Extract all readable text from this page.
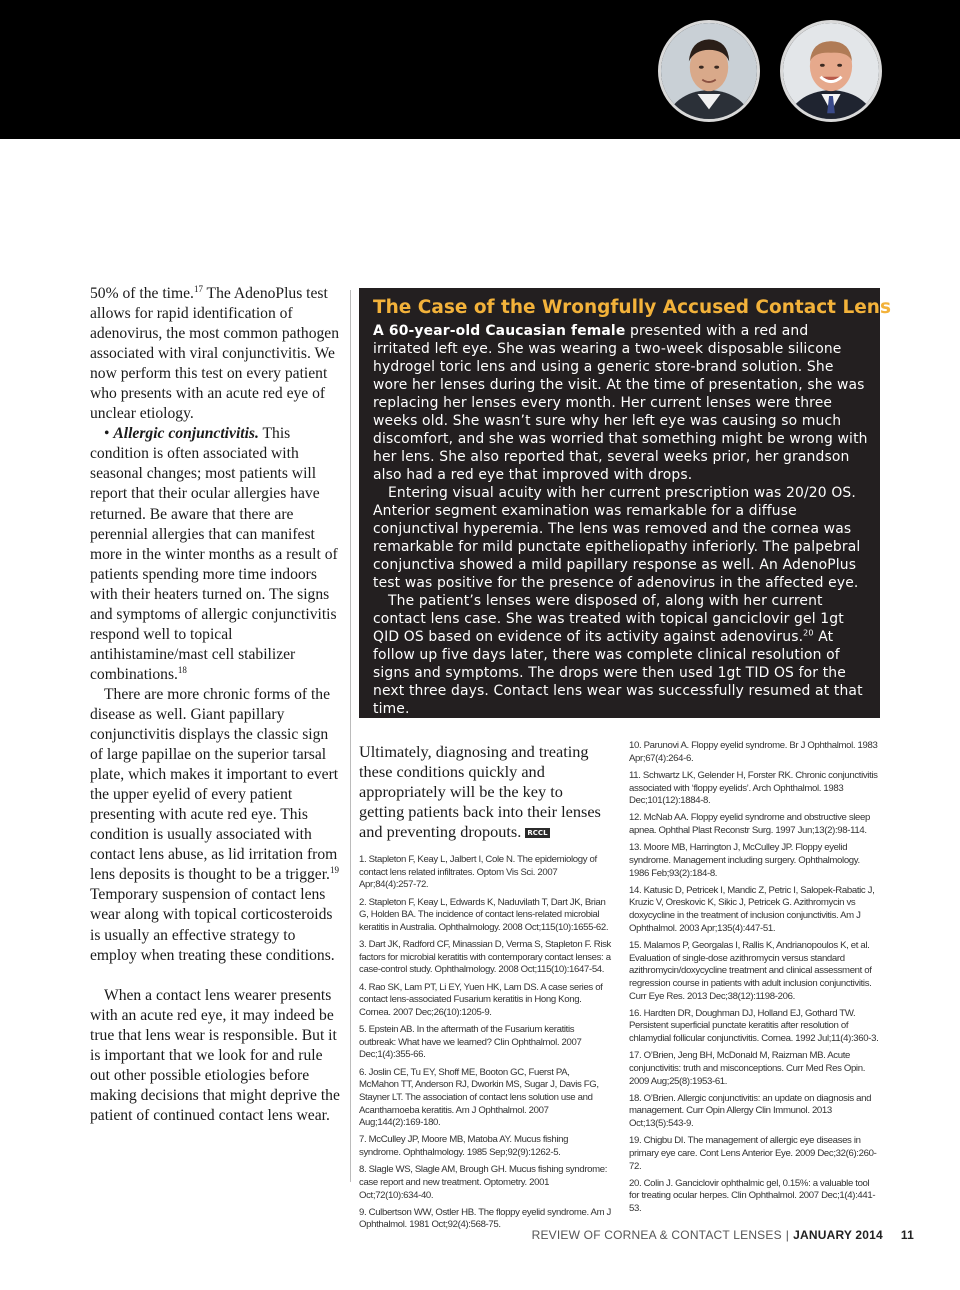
50% of the time.$^{17}$ The AdenoPlus test allows for rapid identification of adenovirus, the most common pathogen associated with viral conjunctivitis. We now perform this test on every patient who presents with an acute red eye of unclear etiology.

• Allergic conjunctivitis. This condition is often associated with seasonal changes; most patients will report that their ocular allergies have returned. Be aware that there are perennial allergies that can manifest more in the winter months as a result of patients spending more time indoors with their heaters turned on. The signs and symptoms of allergic conjunctivitis respond well to topical antihistamine/mast cell stabilizer combinations.$^{18}$

There are more chronic forms of the disease as well. Giant papillary conjunctivitis displays the classic sign of large papillae on the superior tarsal plate, which makes it important to evert the upper eyelid of every patient presenting with acute red eye. This condition is usually associated with contact lens abuse, as lid irritation from lens deposits is thought to be a trigger.$^{19}$ Temporary suspension of contact lens wear along with topical corticosteroids is usually an effective strategy to employ when treating these conditions.

When a contact lens wearer presents with an acute red eye, it may indeed be true that lens wear is responsible. But it is important that we look for and rule out other possible etiologies before making decisions that might deprive the patient of continued contact lens wear.

The Case of the Wrongfully Accused Contact Lens

A 60-year-old Caucasian female presented with a red and irritated left eye. She was wearing a two-week disposable silicone hydrogel toric lens and using a generic store-brand solution. She wore her lenses during the visit. At the time of presentation, she was replacing her lenses every month. Her current lenses were three weeks old. She wasn’t sure why her left eye was causing so much discomfort, and she was worried that something might be wrong with her lens. She also reported that, several weeks prior, her grandson also had a red eye that improved with drops.

Entering visual acuity with her current prescription was 20/20 OS. Anterior segment examination was remarkable for a diffuse conjunctival hyperemia. The lens was removed and the cornea was remarkable for mild punctate epitheliopathy inferiorly. The palpebral conjunctiva showed a mild papillary response as well. An AdenoPlus test was positive for the presence of adenovirus in the affected eye.

The patient’s lenses were disposed of, along with her current contact lens case. She was treated with topical ganciclovir gel 1gt QID OS based on evidence of its activity against adenovirus.$^{20}$ At follow up five days later, there was complete clinical resolution of signs and symptoms. The drops were then used 1gt TID OS for the next three days. Contact lens wear was successfully resumed at that time.

Ultimately, diagnosing and treating these conditions quickly and appropriately will be the key to getting patients back into their lenses and preventing dropouts. RCCL

1. Stapleton F, Keay L, Jalbert I, Cole N. The epidemiology of contact lens related infiltrates. Optom Vis Sci. 2007 Apr;84(4):257-72.
2. Stapleton F, Keay L, Edwards K, Naduvilath T, Dart JK, Brian G, Holden BA. The incidence of contact lens-related microbial keratitis in Australia. Ophthalmology. 2008 Oct;115(10):1655-62.
3. Dart JK, Radford CF, Minassian D, Verma S, Stapleton F. Risk factors for microbial keratitis with contemporary contact lenses: a case-control study. Ophthalmology. 2008 Oct;115(10):1647-54.
4. Rao SK, Lam PT, Li EY, Yuen HK, Lam DS. A case series of contact lens-associated Fusarium keratitis in Hong Kong. Cornea. 2007 Dec;26(10):1205-9.
5. Epstein AB. In the aftermath of the Fusarium keratitis outbreak: What have we learned? Clin Ophthalmol. 2007 Dec;1(4):355-66.
6. Joslin CE, Tu EY, Shoff ME, Booton GC, Fuerst PA, McMahon TT, Anderson RJ, Dworkin MS, Sugar J, Davis FG, Stayner LT. The association of contact lens solution use and Acanthamoeba keratitis. Am J Ophthalmol. 2007 Aug;144(2):169-180.
7. McCulley JP, Moore MB, Matoba AY. Mucus fishing syndrome. Ophthalmology. 1985 Sep;92(9):1262-5.
8. Slagle WS, Slagle AM, Brough GH. Mucus fishing syndrome: case report and new treatment. Optometry. 2001 Oct;72(10):634-40.
9. Culbertson WW, Ostler HB. The floppy eyelid syndrome. Am J Ophthalmol. 1981 Oct;92(4):568-75.
10. Parunovi A. Floppy eyelid syndrome. Br J Ophthalmol. 1983 Apr;67(4):264-6.
11. Schwartz LK, Gelender H, Forster RK. Chronic conjunctivitis associated with ‘floppy eyelids’. Arch Ophthalmol. 1983 Dec;101(12):1884-8.
12. McNab AA. Floppy eyelid syndrome and obstructive sleep apnea. Ophthal Plast Reconstr Surg. 1997 Jun;13(2):98-114.
13. Moore MB, Harrington J, McCulley JP. Floppy eyelid syndrome. Management including surgery. Ophthalmology. 1986 Feb;93(2):184-8.
14. Katusic D, Petricek I, Mandic Z, Petric I, Salopek-Rabatic J, Kruzic V, Oreskovic K, Sikic J, Petricek G. Azithromycin vs doxycycline in the treatment of inclusion conjunctivitis. Am J Ophthalmol. 2003 Apr;135(4):447-51.
15. Malamos P, Georgalas I, Rallis K, Andrianopoulos K, et al. Evaluation of single-dose azithromycin versus standard azithromycin/doxycycline treatment and clinical assessment of regression course in patients with adult inclusion conjunctivitis. Curr Eye Res. 2013 Dec;38(12):1198-206.
16. Hardten DR, Doughman DJ, Holland EJ, Gothard TW. Persistent superficial punctate keratitis after resolution of chlamydial follicular conjunctivitis. Cornea. 1992 Jul;11(4):360-3.
17. O’Brien, Jeng BH, McDonald M, Raizman MB. Acute conjunctivitis: truth and misconceptions. Curr Med Res Opin. 2009 Aug;25(8):1953-61.
18. O’Brien. Allergic conjunctivitis: an update on diagnosis and management. Curr Opin Allergy Clin Immunol. 2013 Oct;13(5):543-9.
19. Chigbu DI. The management of allergic eye diseases in primary eye care. Cont Lens Anterior Eye. 2009 Dec;32(6):260-72.
20. Colin J. Ganciclovir ophthalmic gel, 0.15%: a valuable tool for treating ocular herpes. Clin Ophthalmol. 2007 Dec;1(4):441-53.
REVIEW OF CORNEA & CONTACT LENSES | JANUARY 2014 11
